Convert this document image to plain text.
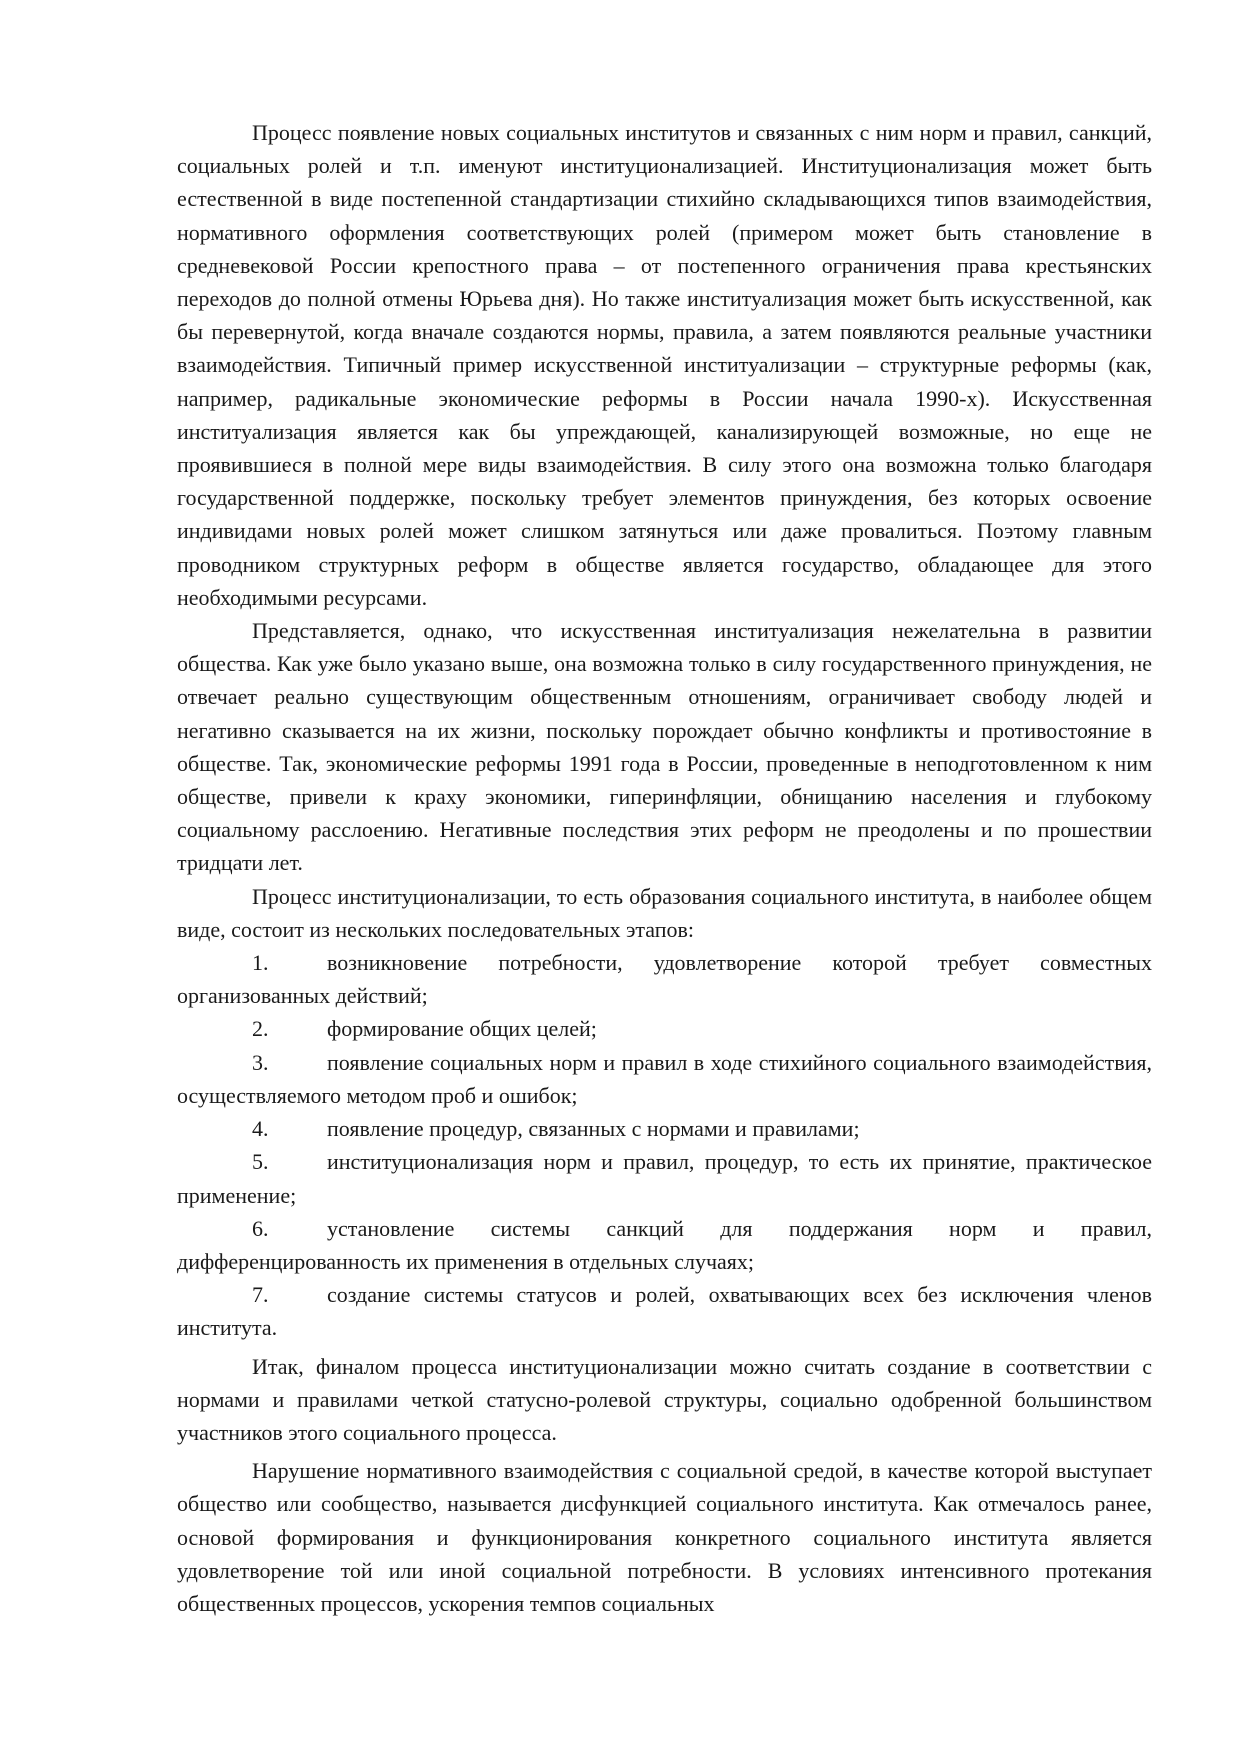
Процесс появление новых социальных институтов и связанных с ним норм и правил, санкций, социальных ролей и т.п. именуют институционализацией. Институционализация может быть естественной в виде постепенной стандартизации стихийно складывающихся типов взаимодействия, нормативного оформления соответствующих ролей (примером может быть становление в средневековой России крепостного права – от постепенного ограничения права крестьянских переходов до полной отмены Юрьева дня). Но также институализация может быть искусственной, как бы перевернутой, когда вначале создаются нормы, правила, а затем появляются реальные участники взаимодействия. Типичный пример искусственной институализации – структурные реформы (как, например, радикальные экономические реформы в России начала 1990-х). Искусственная институализация является как бы упреждающей, канализирующей возможные, но еще не проявившиеся в полной мере виды взаимодействия. В силу этого она возможна только благодаря государственной поддержке, поскольку требует элементов принуждения, без которых освоение индивидами новых ролей может слишком затянуться или даже провалиться. Поэтому главным проводником структурных реформ в обществе является государство, обладающее для этого необходимыми ресурсами.

Представляется, однако, что искусственная институализация нежелательна в развитии общества. Как уже было указано выше, она возможна только в силу государственного принуждения, не отвечает реально существующим общественным отношениям, ограничивает свободу людей и негативно сказывается на их жизни, поскольку порождает обычно конфликты и противостояние в обществе. Так, экономические реформы 1991 года в России, проведенные в неподготовленном к ним обществе, привели к краху экономики, гиперинфляции, обнищанию населения и глубокому социальному расслоению. Негативные последствия этих реформ не преодолены и по прошествии тридцати лет.

Процесс институционализации, то есть образования социального института, в наиболее общем виде, состоит из нескольких последовательных этапов:

1.	возникновение потребности, удовлетворение которой требует совместных организованных действий;

2.	формирование общих целей;

3.	появление социальных норм и правил в ходе стихийного социального взаимодействия, осуществляемого методом проб и ошибок;

4.	появление процедур, связанных с нормами и правилами;

5.	институционализация норм и правил, процедур, то есть их принятие, практическое применение;

6.	установление системы санкций для поддержания норм и правил, дифференцированность их применения в отдельных случаях;

7.	создание системы статусов и ролей, охватывающих всех без исключения членов института.

Итак, финалом процесса институционализации можно считать создание в соответствии с нормами и правилами четкой статусно-ролевой структуры, социально одобренной большинством участников этого социального процесса.

Нарушение нормативного взаимодействия с социальной средой, в качестве которой выступает общество или сообщество, называется дисфункцией социального института. Как отмечалось ранее, основой формирования и функционирования конкретного социального института является удовлетворение той или иной социальной потребности. В условиях интенсивного протекания общественных процессов, ускорения темпов социальных
